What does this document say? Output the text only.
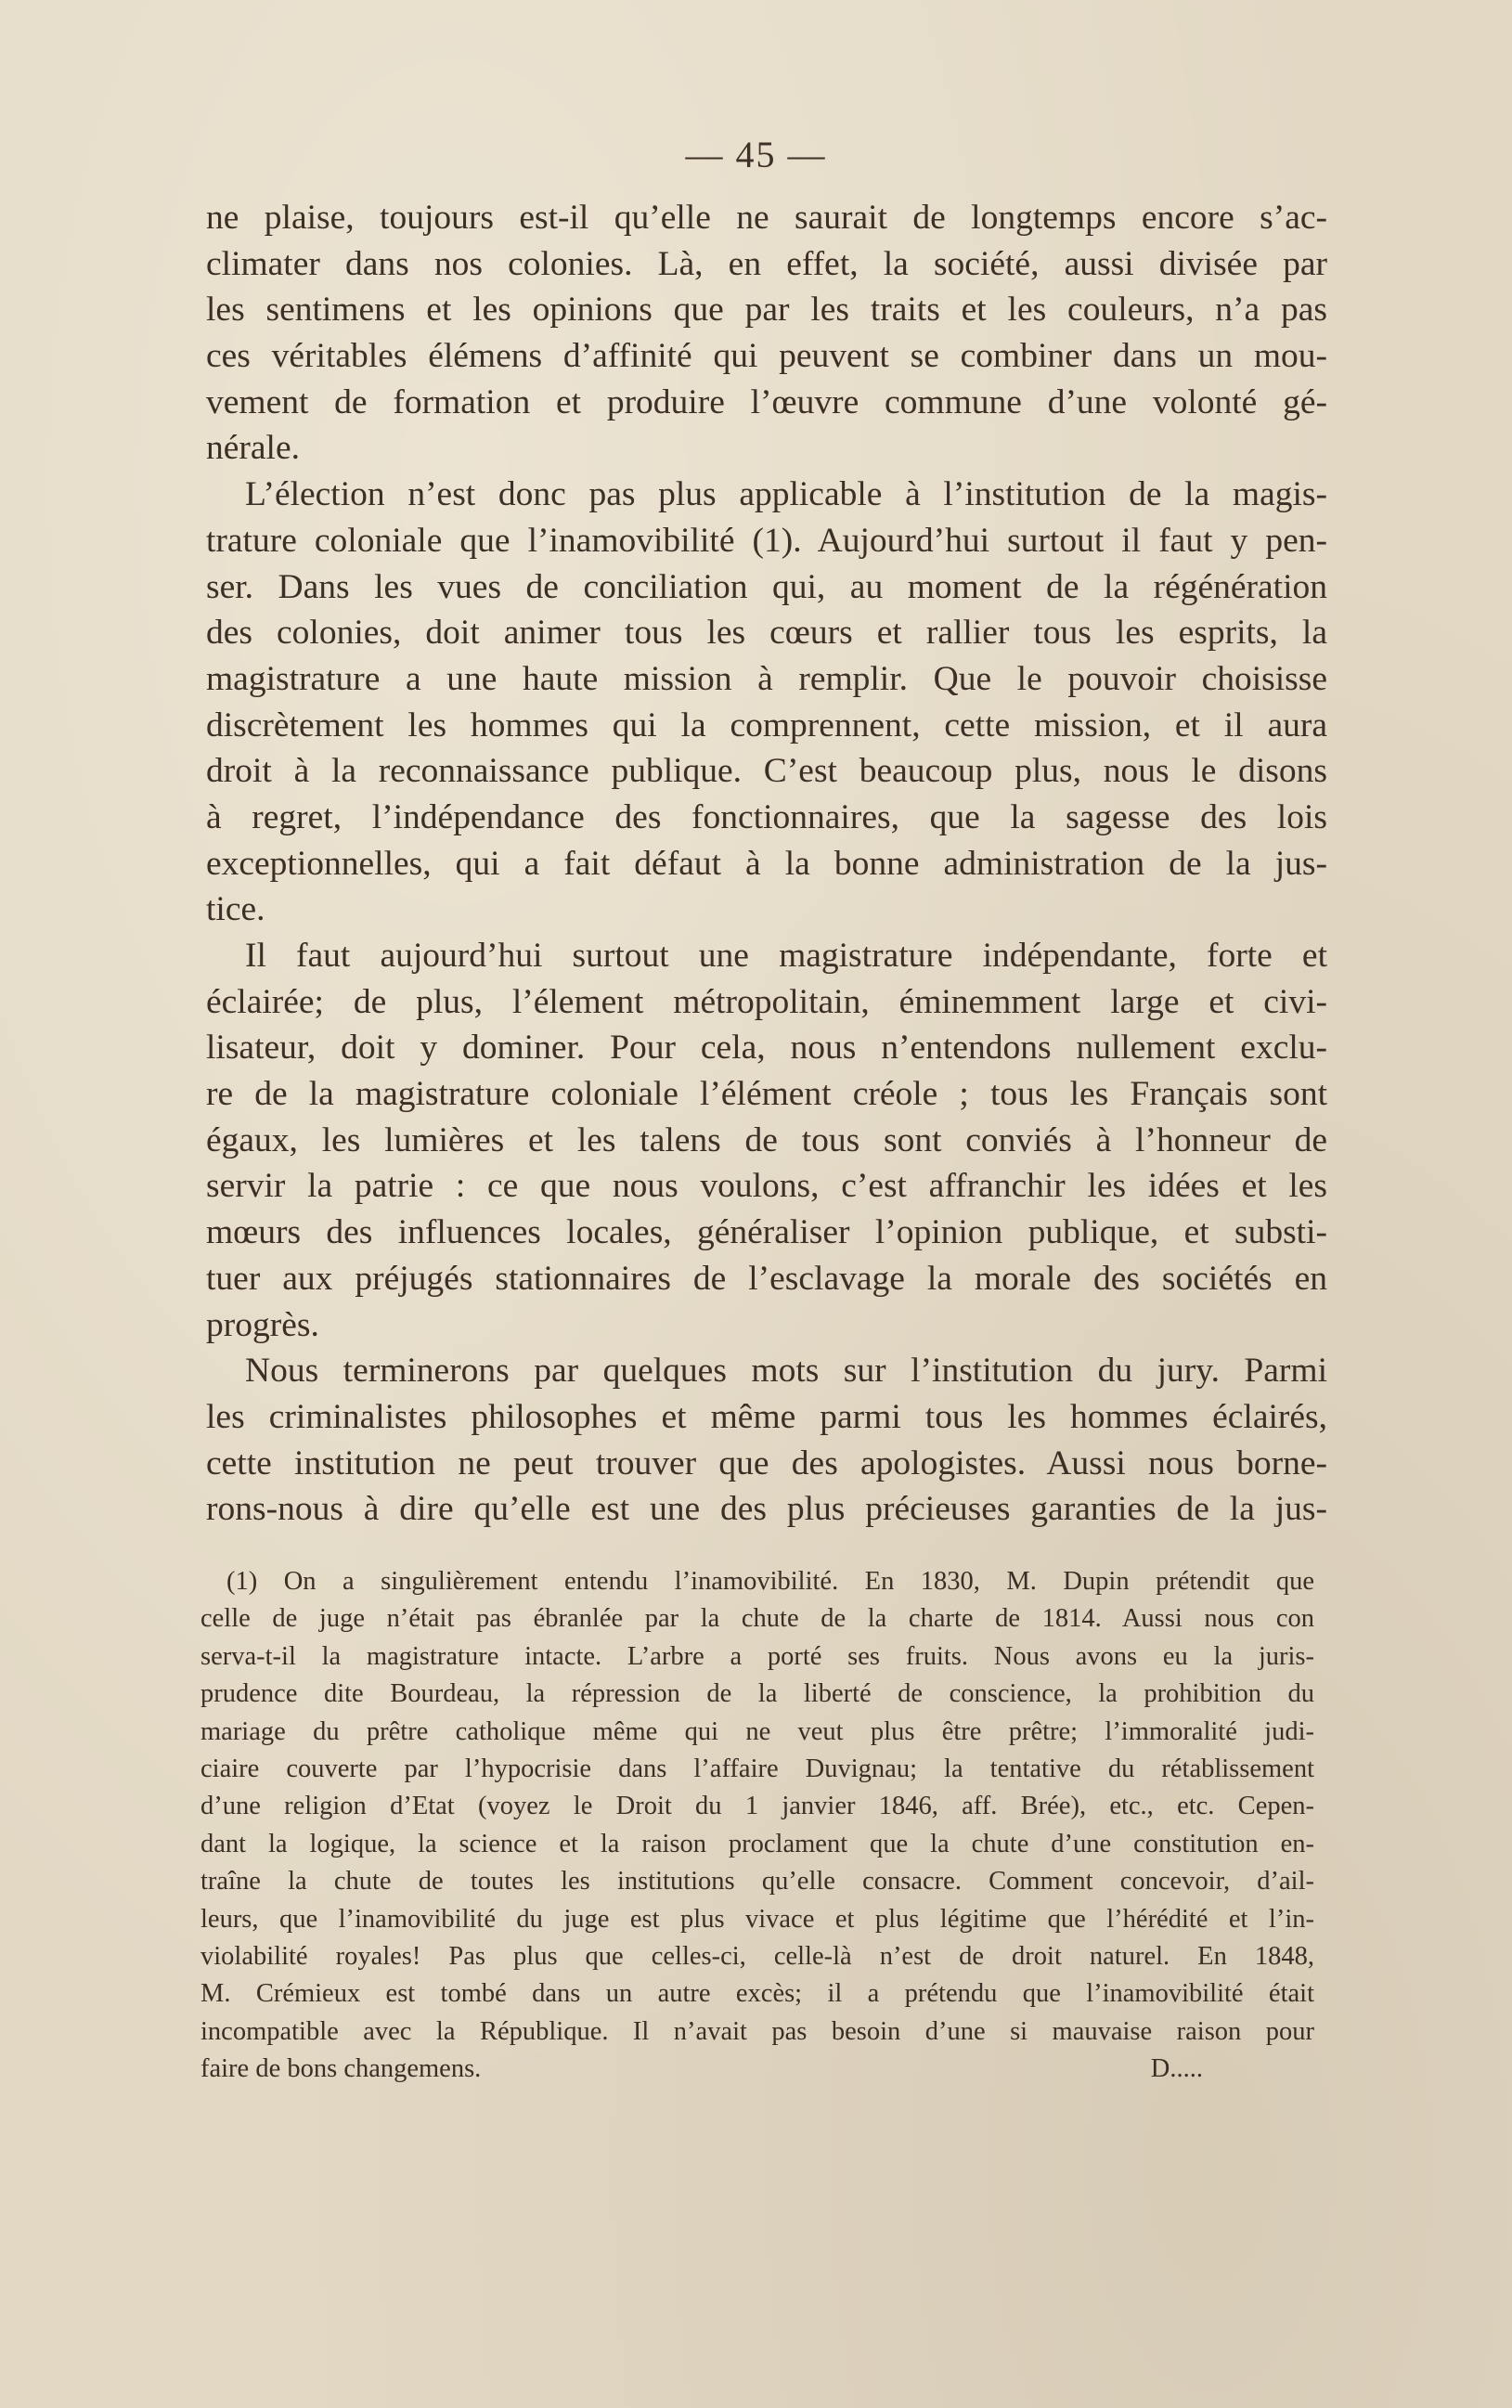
— 45 —
ne plaise, toujours est-il qu’elle ne saurait de longtemps encore s’ac-
climater dans nos colonies. Là, en effet, la société, aussi divisée par
les sentimens et les opinions que par les traits et les couleurs, n’a pas
ces véritables élémens d’affinité qui peuvent se combiner dans un mou-
vement de formation et produire l’œuvre commune d’une volonté gé-
nérale.
L’élection n’est donc pas plus applicable à l’institution de la magis-
trature coloniale que l’inamovibilité (1). Aujourd’hui surtout il faut y pen-
ser. Dans les vues de conciliation qui, au moment de la régénération
des colonies, doit animer tous les cœurs et rallier tous les esprits, la
magistrature a une haute mission à remplir. Que le pouvoir choisisse
discrètement les hommes qui la comprennent, cette mission, et il aura
droit à la reconnaissance publique. C’est beaucoup plus, nous le disons
à regret, l’indépendance des fonctionnaires, que la sagesse des lois
exceptionnelles, qui a fait défaut à la bonne administration de la jus-
tice.
Il faut aujourd’hui surtout une magistrature indépendante, forte et
éclairée; de plus, l’élement métropolitain, éminemment large et civi-
lisateur, doit y dominer. Pour cela, nous n’entendons nullement exclu-
re de la magistrature coloniale l’élément créole ; tous les Français sont
égaux, les lumières et les talens de tous sont conviés à l’honneur de
servir la patrie : ce que nous voulons, c’est affranchir les idées et les
mœurs des influences locales, généraliser l’opinion publique, et substi-
tuer aux préjugés stationnaires de l’esclavage la morale des sociétés en
progrès.
Nous terminerons par quelques mots sur l’institution du jury. Parmi
les criminalistes philosophes et même parmi tous les hommes éclairés,
cette institution ne peut trouver que des apologistes. Aussi nous borne-
rons-nous à dire qu’elle est une des plus précieuses garanties de la jus-
(1) On a singulièrement entendu l’inamovibilité. En 1830, M. Dupin prétendit que
celle de juge n’était pas ébranlée par la chute de la charte de 1814. Aussi nous con
serva-t-il la magistrature intacte. L’arbre a porté ses fruits. Nous avons eu la juris-
prudence dite Bourdeau, la répression de la liberté de conscience, la prohibition du
mariage du prêtre catholique même qui ne veut plus être prêtre; l’immoralité judi-
ciaire couverte par l’hypocrisie dans l’affaire Duvignau; la tentative du rétablissement
d’une religion d’Etat (voyez le Droit du 1 janvier 1846, aff. Brée), etc., etc. Cepen-
dant la logique, la science et la raison proclament que la chute d’une constitution en-
traîne la chute de toutes les institutions qu’elle consacre. Comment concevoir, d’ail-
leurs, que l’inamovibilité du juge est plus vivace et plus légitime que l’hérédité et l’in-
violabilité royales! Pas plus que celles-ci, celle-là n’est de droit naturel. En 1848,
M. Crémieux est tombé dans un autre excès; il a prétendu que l’inamovibilité était
incompatible avec la République. Il n’avait pas besoin d’une si mauvaise raison pour
faire de bons changemens.	D.....
